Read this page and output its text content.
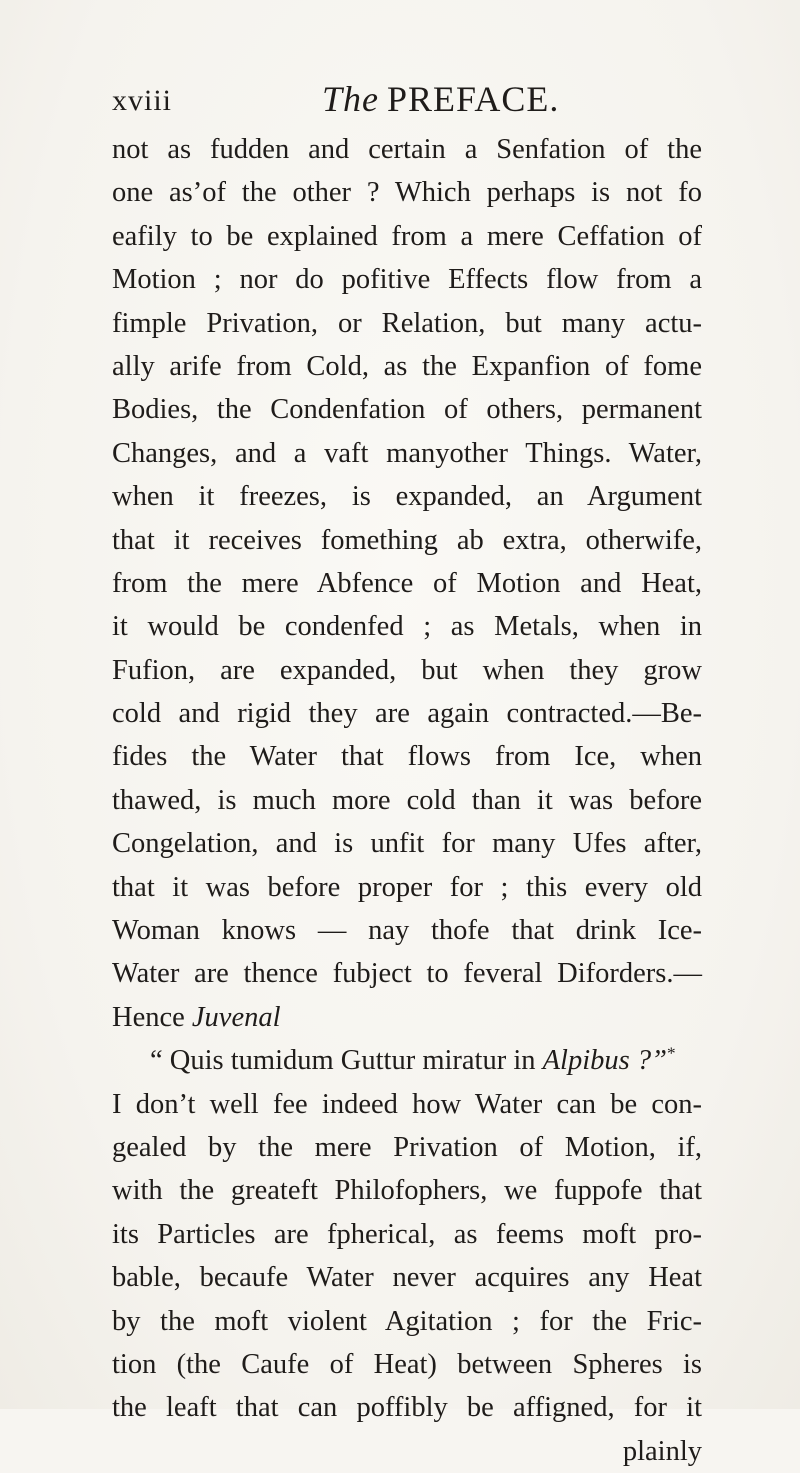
xviii	The PREFACE.
not as fudden and certain a Senfation of the
one as’of the other ? Which perhaps is not fo
eafily to be explained from a mere Ceffation of
Motion ; nor do pofitive Effects flow from a
fimple Privation, or Relation, but many actu-
ally arife from Cold, as the Expanfion of fome
Bodies, the Condenfation of others, permanent
Changes, and a vaft manyother Things. Water,
when it freezes, is expanded, an Argument
that it receives fomething ab extra, otherwife,
from the mere Abfence of Motion and Heat,
it would be condenfed ; as Metals, when in
Fufion, are expanded, but when they grow
cold and rigid they are again contracted.—Be-
fides the Water that flows from Ice, when
thawed, is much more cold than it was before
Congelation, and is unfit for many Ufes after,
that it was before proper for ; this every old
Woman knows — nay thofe that drink Ice-
Water are thence fubject to feveral Diforders.—
Hence Juvenal
“ Quis tumidum Guttur miratur in Alpibus ?”*
I don’t well fee indeed how Water can be con-
gealed by the mere Privation of Motion, if,
with the greateft Philofophers, we fuppofe that
its Particles are fpherical, as feems moft pro-
bable, becaufe Water never acquires any Heat
by the moft violent Agitation ; for the Fric-
tion (the Caufe of Heat) between Spheres is
the leaft that can poffibly be affigned, for it
plainly
